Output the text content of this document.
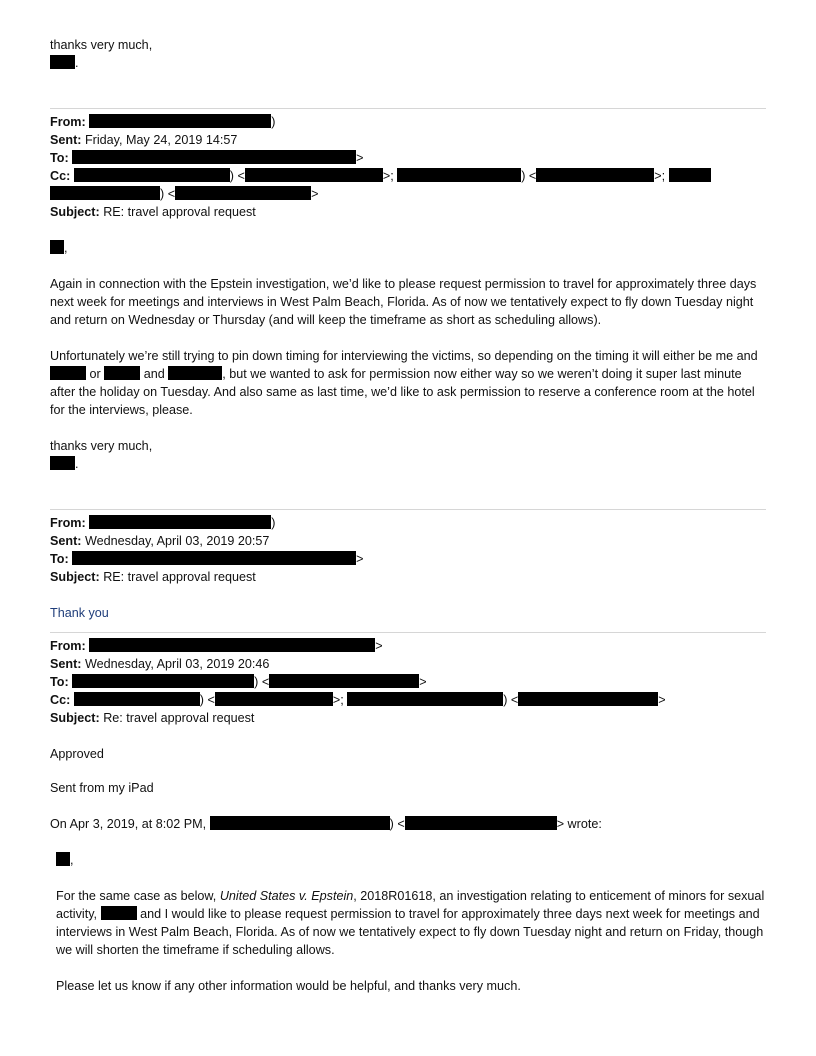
thanks very much,
.
From:	)
Sent: Friday, May 24, 2019 14:57
To:	>
Cc:	) <	>;	) <	>;
) <	>
Subject: RE: travel approval request
,
Again in connection with the Epstein investigation, we’d like to please request permission to travel for approximately three days next week for meetings and interviews in West Palm Beach, Florida. As of now we tentatively expect to fly down Tuesday night and return on Wednesday or Thursday (and will keep the timeframe as short as scheduling allows).
Unfortunately we’re still trying to pin down timing for interviewing the victims, so depending on the timing it will either be me and  or	and	, but we wanted to ask for permission now either way so we weren’t doing it super last minute after the holiday on Tuesday. And also same as last time, we’d like to ask permission to reserve a conference room at the hotel for the interviews, please.
thanks very much,
.
From:	)
Sent: Wednesday, April 03, 2019 20:57
To:	>
Subject: RE: travel approval request
Thank you
From:	>
Sent: Wednesday, April 03, 2019 20:46
To:	) <	>
Cc:	) <	>;	) <	>
Subject: Re: travel approval request
Approved
Sent from my iPad
On Apr 3, 2019, at 8:02 PM,	) <	> wrote:
,
For the same case as below, United States v. Epstein, 2018R01618, an investigation relating to enticement of minors for sexual activity,	and I would like to please request permission to travel for approximately three days next week for meetings and interviews in West Palm Beach, Florida. As of now we tentatively expect to fly down Tuesday night and return on Friday, though we will shorten the timeframe if scheduling allows.
Please let us know if any other information would be helpful, and thanks very much.
